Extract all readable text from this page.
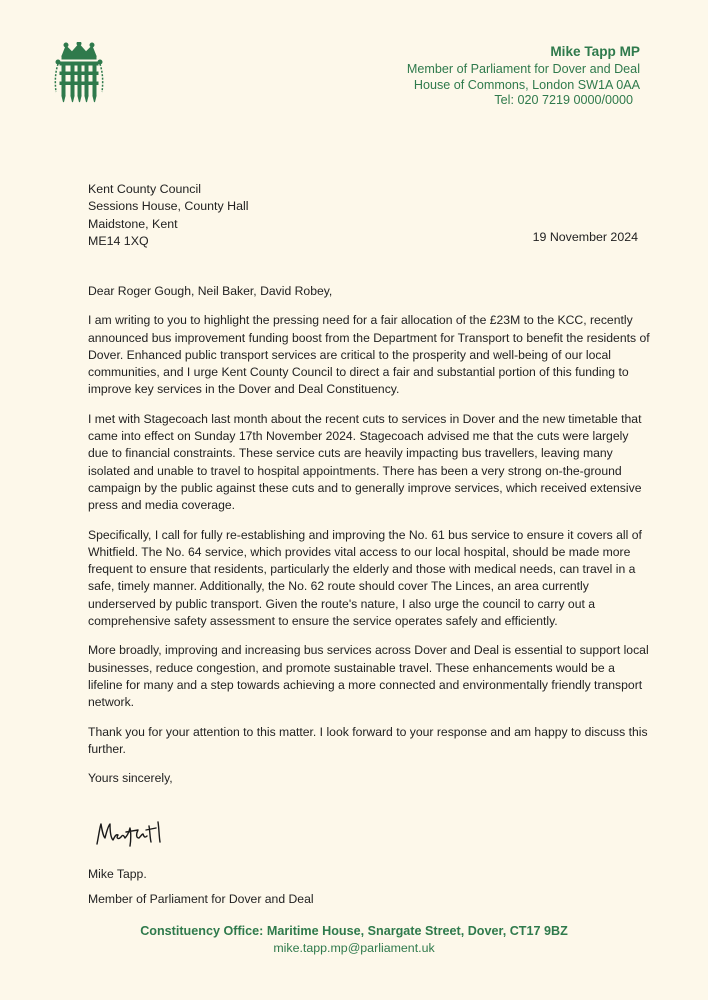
Mike Tapp MP
Member of Parliament for Dover and Deal
House of Commons, London SW1A 0AA
Tel: 020 7219 0000/0000
Kent County Council
Sessions House, County Hall
Maidstone, Kent
ME14 1XQ	19 November 2024

Dear Roger Gough, Neil Baker, David Robey,

I am writing to you to highlight the pressing need for a fair allocation of the £23M to the KCC, recently announced bus improvement funding boost from the Department for Transport to benefit the residents of Dover. Enhanced public transport services are critical to the prosperity and well-being of our local communities, and I urge Kent County Council to direct a fair and substantial portion of this funding to improve key services in the Dover and Deal Constituency.

I met with Stagecoach last month about the recent cuts to services in Dover and the new timetable that came into effect on Sunday 17th November 2024. Stagecoach advised me that the cuts were largely due to financial constraints. These service cuts are heavily impacting bus travellers, leaving many isolated and unable to travel to hospital appointments. There has been a very strong on-the-ground campaign by the public against these cuts and to generally improve services, which received extensive press and media coverage.

Specifically, I call for fully re-establishing and improving the No. 61 bus service to ensure it covers all of Whitfield. The No. 64 service, which provides vital access to our local hospital, should be made more frequent to ensure that residents, particularly the elderly and those with medical needs, can travel in a safe, timely manner. Additionally, the No. 62 route should cover The Linces, an area currently underserved by public transport. Given the route's nature, I also urge the council to carry out a comprehensive safety assessment to ensure the service operates safely and efficiently.

More broadly, improving and increasing bus services across Dover and Deal is essential to support local businesses, reduce congestion, and promote sustainable travel. These enhancements would be a lifeline for many and a step towards achieving a more connected and environmentally friendly transport network.

Thank you for your attention to this matter. I look forward to your response and am happy to discuss this further.

Yours sincerely,

Mike Tapp.
Member of Parliament for Dover and Deal
Constituency Office: Maritime House, Snargate Street, Dover, CT17 9BZ
mike.tapp.mp@parliament.uk
